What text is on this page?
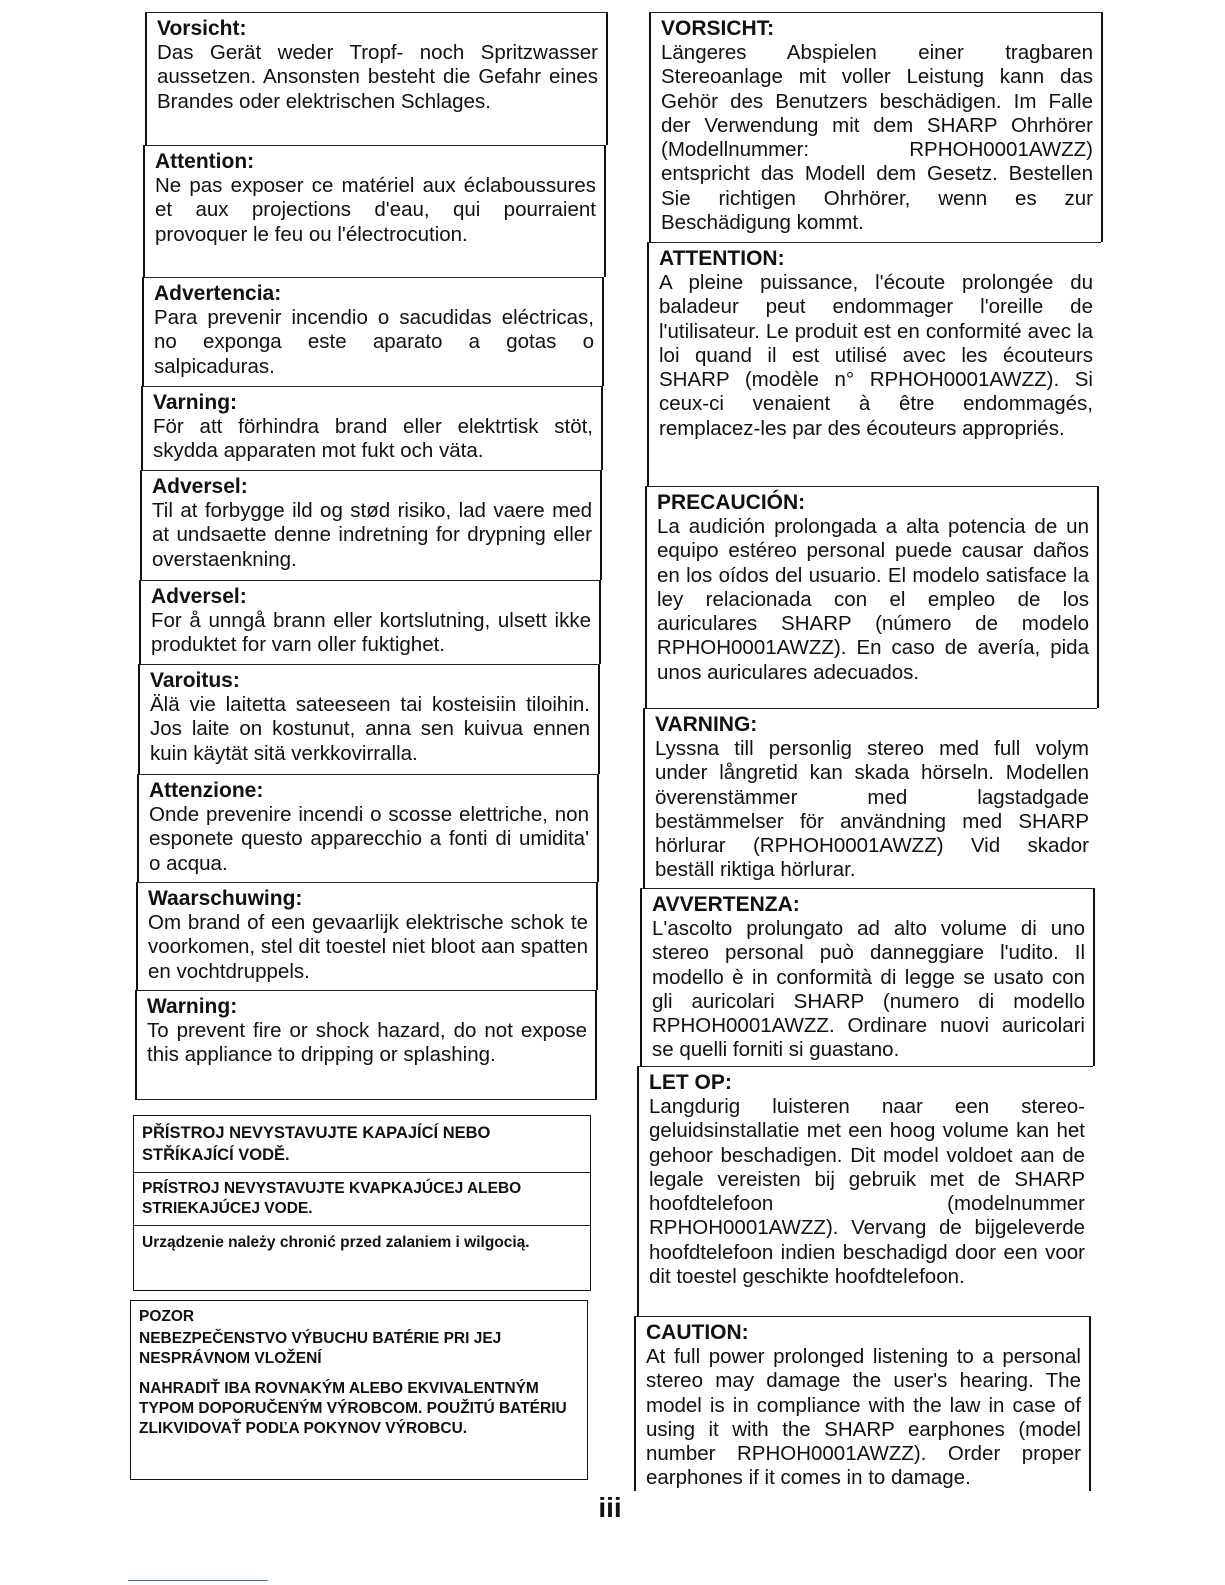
Vorsicht:
Das Gerät weder Tropf- noch Spritzwasser aussetzen. Ansonsten besteht die Gefahr eines Brandes oder elektrischen Schlages.
Attention:
Ne pas exposer ce matériel aux éclaboussures et aux projections d'eau, qui pourraient provoquer le feu ou l'électrocution.
Advertencia:
Para prevenir incendio o sacudidas eléctricas, no exponga este aparato a gotas o salpicaduras.
Varning:
För att förhindra brand eller elektrtisk stöt, skydda apparaten mot fukt och väta.
Adversel:
Til at forbygge ild og stød risiko, lad vaere med at undsaette denne indretning for drypning eller overstaenkning.
Adversel:
For å unngå brann eller kortslutning, ulsett ikke produktet for varn oller fuktighet.
Varoitus:
Älä vie laitetta sateeseen tai kosteisiin tiloihin. Jos laite on kostunut, anna sen kuivua ennen kuin käytät sitä verkkovirralla.
Attenzione:
Onde prevenire incendi o scosse elettriche, non esponete questo apparecchio a fonti di umidita' o acqua.
Waarschuwing:
Om brand of een gevaarlijk elektrische schok te voorkomen, stel dit toestel niet bloot aan spatten en vochtdruppels.
Warning:
To prevent fire or shock hazard, do not expose this appliance to dripping or splashing.
PŘÍSTROJ NEVYSTAVUJTE KAPAJÍCÍ NEBO STŘÍKAJÍCÍ VODĚ.
PRÍSTROJ NEVYSTAVUJTE KVAPKAJÚCEJ ALEBO STRIEKAJÚCEJ VODE.
Urządzenie należy chronić przed zalaniem i wilgocią.

POZOR

NEBEZPEČENSTVO VÝBUCHU BATÉRIE PRI JEJ NESPRÁVNOM VLOŽENÍ

NAHRADIŤ IBA ROVNAKÝM ALEBO EKVIVALENTNÝM TYPOM DOPORUČENÝM VÝROBCOM. POUŽITÚ BATÉRIU ZLIKVIDOVAŤ PODĽA POKYNOV VÝROBCU.

VORSICHT:
Längeres Abspielen einer tragbaren Stereoanlage mit voller Leistung kann das Gehör des Benutzers beschädigen. Im Falle der Verwendung mit dem SHARP Ohrhörer (Modellnummer: RPHOH0001AWZZ) entspricht das Modell dem Gesetz. Bestellen Sie richtigen Ohrhörer, wenn es zur Beschädigung kommt.
ATTENTION:
A pleine puissance, l'écoute prolongée du baladeur peut endommager l'oreille de l'utilisateur. Le produit est en conformité avec la loi quand il est utilisé avec les écouteurs SHARP (modèle n° RPHOH0001AWZZ). Si ceux-ci venaient à être endommagés, remplacez-les par des écouteurs appropriés.
PRECAUCIÓN:
La audición prolongada a alta potencia de un equipo estéreo personal puede causar daños en los oídos del usuario. El modelo satisface la ley relacionada con el empleo de los auriculares SHARP (número de modelo RPHOH0001AWZZ). En caso de avería, pida unos auriculares adecuados.
VARNING:
Lyssna till personlig stereo med full volym under långretid kan skada hörseln. Modellen överenstämmer med lagstadgade bestämmelser för användning med SHARP hörlurar (RPHOH0001AWZZ) Vid skador beställ riktiga hörlurar.
AVVERTENZA:
L'ascolto prolungato ad alto volume di uno stereo personal può danneggiare l'udito. Il modello è in conformità di legge se usato con gli auricolari SHARP (numero di modello RPHOH0001AWZZ. Ordinare nuovi auricolari se quelli forniti si guastano.
LET OP:
Langdurig luisteren naar een stereo-geluidsinstallatie met een hoog volume kan het gehoor beschadigen. Dit model voldoet aan de legale vereisten bij gebruik met de SHARP hoofdtelefoon (modelnummer RPHOH0001AWZZ). Vervang de bijgeleverde hoofdtelefoon indien beschadigd door een voor dit toestel geschikte hoofdtelefoon.
CAUTION:
At full power prolonged listening to a personal stereo may damage the user's hearing. The model is in compliance with the law in case of using it with the SHARP earphones (model number RPHOH0001AWZZ). Order proper earphones if it comes in to damage.
iii
